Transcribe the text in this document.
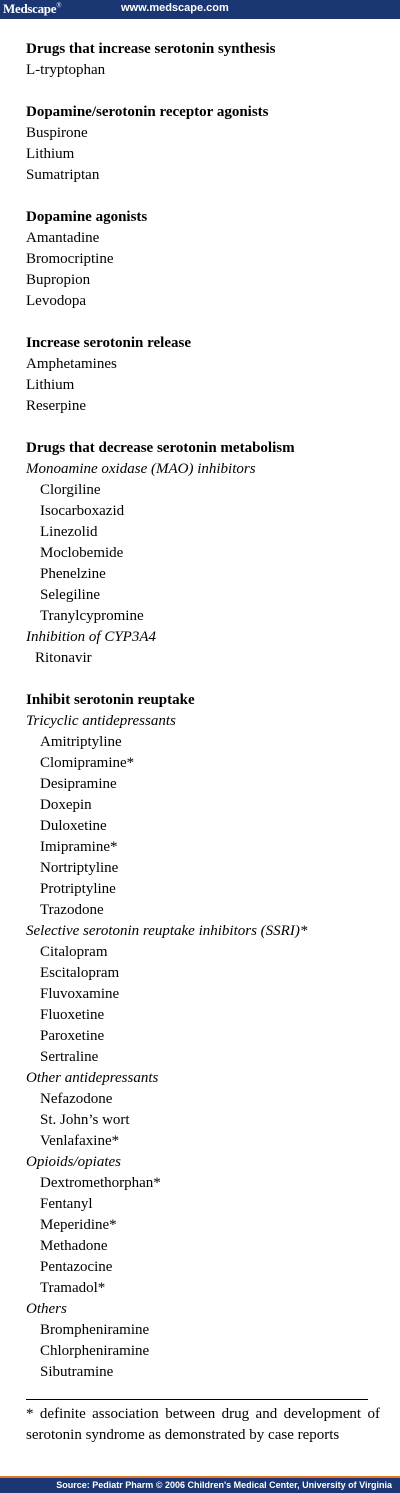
Medscape®	www.medscape.com
Drugs that increase serotonin synthesis
L-tryptophan
Dopamine/serotonin receptor agonists
Buspirone
Lithium
Sumatriptan
Dopamine agonists
Amantadine
Bromocriptine
Bupropion
Levodopa
Increase serotonin release
Amphetamines
Lithium
Reserpine
Drugs that decrease serotonin metabolism
Monoamine oxidase (MAO) inhibitors
Clorgiline
Isocarboxazid
Linezolid
Moclobemide
Phenelzine
Selegiline
Tranylcypromine
Inhibition of CYP3A4
Ritonavir
Inhibit serotonin reuptake
Tricyclic antidepressants
Amitriptyline
Clomipramine*
Desipramine
Doxepin
Duloxetine
Imipramine*
Nortriptyline
Protriptyline
Trazodone
Selective serotonin reuptake inhibitors (SSRI)*
Citalopram
Escitalopram
Fluvoxamine
Fluoxetine
Paroxetine
Sertraline
Other antidepressants
Nefazodone
St. John’s wort
Venlafaxine*
Opioids/opiates
Dextromethorphan*
Fentanyl
Meperidine*
Methadone
Pentazocine
Tramadol*
Others
Brompheniramine
Chlorpheniramine
Sibutramine
* definite association between drug and development of serotonin syndrome as demonstrated by case reports
Source: Pediatr Pharm © 2006 Children's Medical Center, University of Virginia
